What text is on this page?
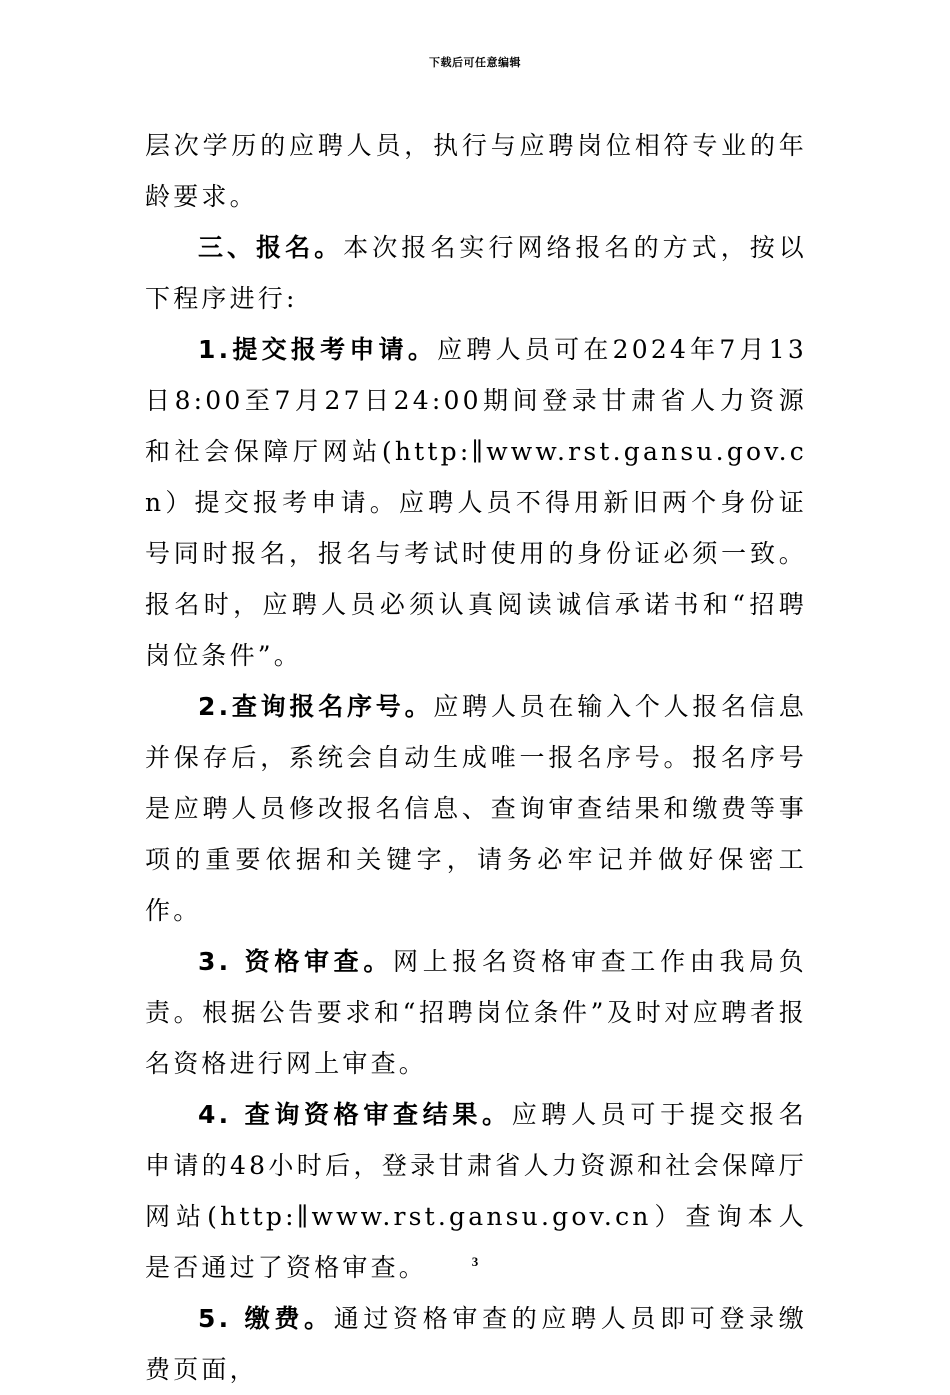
下载后可任意编辑

层次学历的应聘人员，执行与应聘岗位相符专业的年龄要求。

三、报名。本次报名实行网络报名的方式，按以下程序进行:

1.提交报考申请。应聘人员可在2024年7月13日8:00至7月27日24:00期间登录甘肃省人力资源和社会保障厅网站(http:∥www.rst.gansu.gov.cn）提交报考申请。应聘人员不得用新旧两个身份证号同时报名，报名与考试时使用的身份证必须一致。报名时，应聘人员必须认真阅读诚信承诺书和“招聘岗位条件”。

2.查询报名序号。应聘人员在输入个人报名信息并保存后，系统会自动生成唯一报名序号。报名序号是应聘人员修改报名信息、查询审查结果和缴费等事项的重要依据和关键字，请务必牢记并做好保密工作。

3. 资格审查。网上报名资格审查工作由我局负责。根据公告要求和“招聘岗位条件”及时对应聘者报名资格进行网上审查。

4. 查询资格审查结果。应聘人员可于提交报名申请的48小时后，登录甘肃省人力资源和社会保障厅网站(http:∥www.rst.gansu.gov.cn）查询本人是否通过了资格审查。

5. 缴费。通过资格审查的应聘人员即可登录缴费页面，

3
